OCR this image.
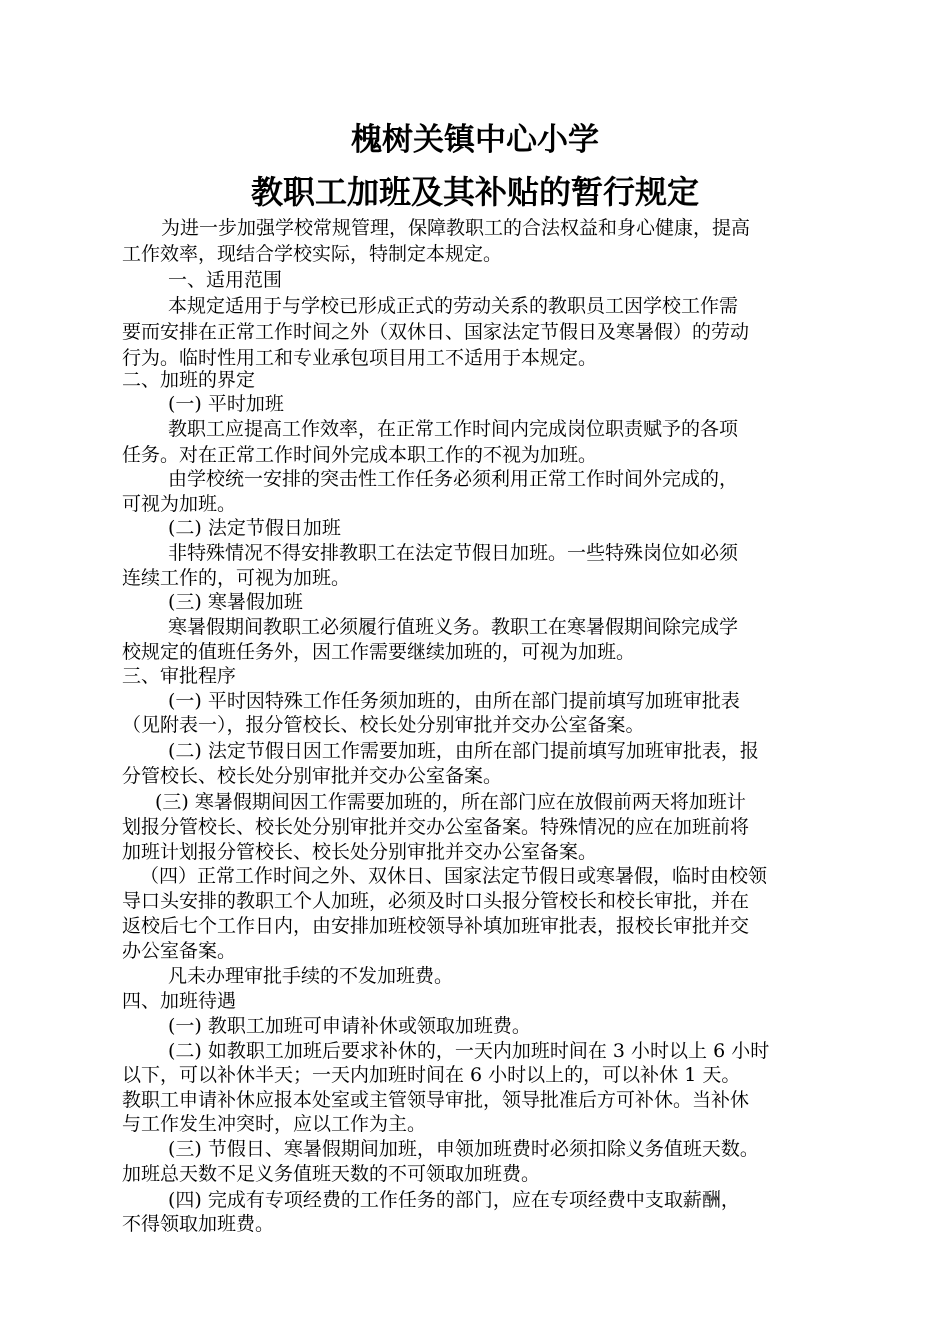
槐树关镇中心小学
教职工加班及其补贴的暂行规定
为进一步加强学校常规管理，保障教职工的合法权益和身心健康，提高
工作效率，现结合学校实际，特制定本规定。
一、适用范围
本规定适用于与学校已形成正式的劳动关系的教职员工因学校工作需
要而安排在正常工作时间之外（双休日、国家法定节假日及寒暑假）的劳动
行为。临时性用工和专业承包项目用工不适用于本规定。
二、加班的界定
(一) 平时加班
教职工应提高工作效率，在正常工作时间内完成岗位职责赋予的各项
任务。对在正常工作时间外完成本职工作的不视为加班。
由学校统一安排的突击性工作任务必须利用正常工作时间外完成的，
可视为加班。
(二) 法定节假日加班
非特殊情况不得安排教职工在法定节假日加班。一些特殊岗位如必须
连续工作的，可视为加班。
(三) 寒暑假加班
寒暑假期间教职工必须履行值班义务。教职工在寒暑假期间除完成学
校规定的值班任务外，因工作需要继续加班的，可视为加班。
三、审批程序
(一) 平时因特殊工作任务须加班的，由所在部门提前填写加班审批表
（见附表一），报分管校长、校长处分别审批并交办公室备案。
(二) 法定节假日因工作需要加班，由所在部门提前填写加班审批表，报
分管校长、校长处分别审批并交办公室备案。
(三) 寒暑假期间因工作需要加班的，所在部门应在放假前两天将加班计
划报分管校长、校长处分别审批并交办公室备案。特殊情况的应在加班前将
加班计划报分管校长、校长处分别审批并交办公室备案。
（四）正常工作时间之外、双休日、国家法定节假日或寒暑假，临时由校领
导口头安排的教职工个人加班，必须及时口头报分管校长和校长审批，并在
返校后七个工作日内，由安排加班校领导补填加班审批表，报校长审批并交
办公室备案。
凡未办理审批手续的不发加班费。
四、加班待遇
(一) 教职工加班可申请补休或领取加班费。
(二) 如教职工加班后要求补休的，一天内加班时间在 3 小时以上 6 小时
以下，可以补休半天；一天内加班时间在 6 小时以上的，可以补休 1 天。
教职工申请补休应报本处室或主管领导审批，领导批准后方可补休。当补休
与工作发生冲突时，应以工作为主。
(三) 节假日、寒暑假期间加班，申领加班费时必须扣除义务值班天数。
加班总天数不足义务值班天数的不可领取加班费。
(四) 完成有专项经费的工作任务的部门，应在专项经费中支取薪酬，
不得领取加班费。
